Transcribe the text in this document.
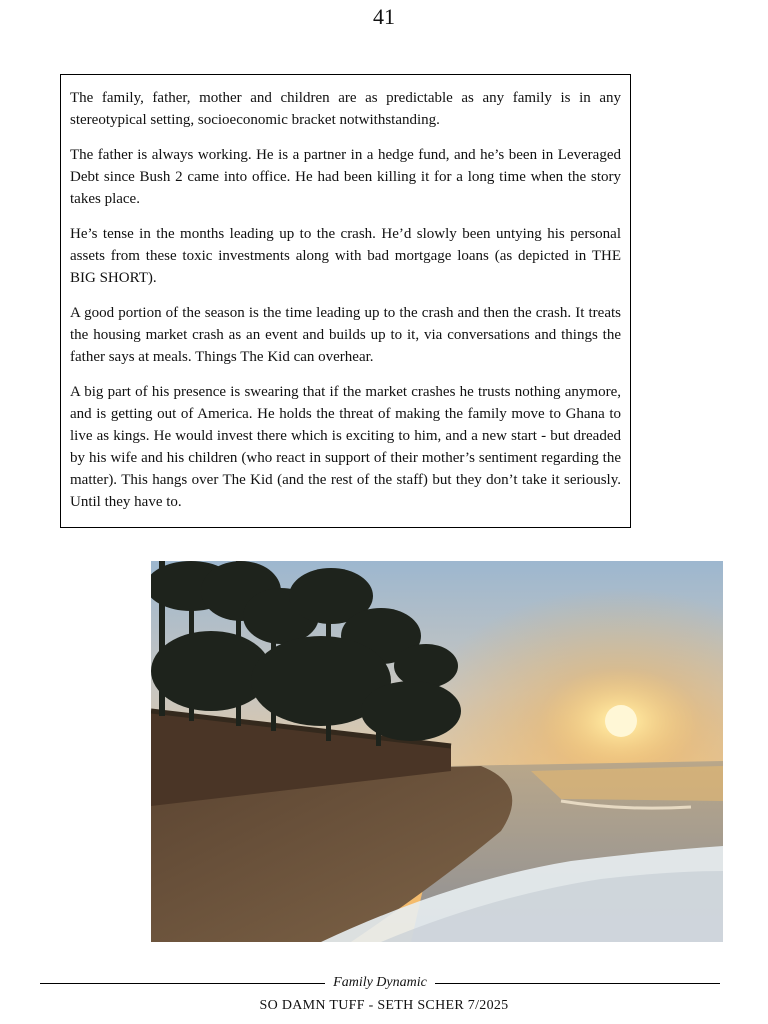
41

The family, father, mother and children are as predictable as any family is in any stereotypical setting, socioeconomic bracket notwithstanding.

The father is always working. He is a partner in a hedge fund, and he’s been in Leveraged Debt since Bush 2 came into office. He had been killing it for a long time when the story takes place.

He’s tense in the months leading up to the crash. He’d slowly been untying his personal assets from these toxic investments along with bad mortgage loans (as depicted in THE BIG SHORT).

A good portion of the season is the time leading up to the crash and then the crash. It treats the housing market crash as an event and builds up to it, via conversations and things the father says at meals. Things The Kid can overhear.

A big part of his presence is swearing that if the market crashes he trusts nothing anymore, and is getting out of America. He holds the threat of making the family move to Ghana to live as kings. He would invest there which is exciting to him, and a new start - but dreaded by his wife and his children (who react in support of their mother’s sentiment regarding the matter). This hangs over The Kid (and the rest of the staff) but they don’t take it seriously. Until they have to.

Family Dynamic
SO DAMN TUFF - SETH SCHER 7/2025
